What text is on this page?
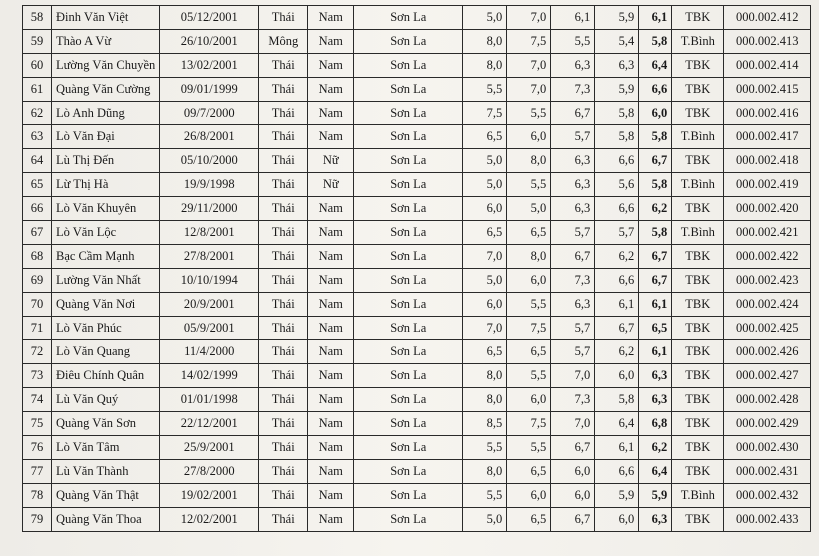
58	Đinh Văn Việt	05/12/2001	Thái	Nam	Sơn La	5,0	7,0	6,1	5,9	6,1	TBK	000.002.412
59	Thào A Vừ	26/10/2001	Mông	Nam	Sơn La	8,0	7,5	5,5	5,4	5,8	T.Bình	000.002.413
60	Lường Văn Chuyền	13/02/2001	Thái	Nam	Sơn La	8,0	7,0	6,3	6,3	6,4	TBK	000.002.414
61	Quàng Văn Cường	09/01/1999	Thái	Nam	Sơn La	5,5	7,0	7,3	5,9	6,6	TBK	000.002.415
62	Lò Anh Dũng	09/7/2000	Thái	Nam	Sơn La	7,5	5,5	6,7	5,8	6,0	TBK	000.002.416
63	Lò Văn Đại	26/8/2001	Thái	Nam	Sơn La	6,5	6,0	5,7	5,8	5,8	T.Bình	000.002.417
64	Lù Thị Đến	05/10/2000	Thái	Nữ	Sơn La	5,0	8,0	6,3	6,6	6,7	TBK	000.002.418
65	Lừ Thị Hà	19/9/1998	Thái	Nữ	Sơn La	5,0	5,5	6,3	5,6	5,8	T.Bình	000.002.419
66	Lò Văn Khuyên	29/11/2000	Thái	Nam	Sơn La	6,0	5,0	6,3	6,6	6,2	TBK	000.002.420
67	Lò Văn Lộc	12/8/2001	Thái	Nam	Sơn La	6,5	6,5	5,7	5,7	5,8	T.Bình	000.002.421
68	Bạc Cầm Mạnh	27/8/2001	Thái	Nam	Sơn La	7,0	8,0	6,7	6,2	6,7	TBK	000.002.422
69	Lường Văn Nhất	10/10/1994	Thái	Nam	Sơn La	5,0	6,0	7,3	6,6	6,7	TBK	000.002.423
70	Quàng Văn Nơi	20/9/2001	Thái	Nam	Sơn La	6,0	5,5	6,3	6,1	6,1	TBK	000.002.424
71	Lò Văn Phúc	05/9/2001	Thái	Nam	Sơn La	7,0	7,5	5,7	6,7	6,5	TBK	000.002.425
72	Lò Văn Quang	11/4/2000	Thái	Nam	Sơn La	6,5	6,5	5,7	6,2	6,1	TBK	000.002.426
73	Điêu Chính Quân	14/02/1999	Thái	Nam	Sơn La	8,0	5,5	7,0	6,0	6,3	TBK	000.002.427
74	Lù Văn Quý	01/01/1998	Thái	Nam	Sơn La	8,0	6,0	7,3	5,8	6,3	TBK	000.002.428
75	Quàng Văn Sơn	22/12/2001	Thái	Nam	Sơn La	8,5	7,5	7,0	6,4	6,8	TBK	000.002.429
76	Lò Văn Tâm	25/9/2001	Thái	Nam	Sơn La	5,5	5,5	6,7	6,1	6,2	TBK	000.002.430
77	Lù Văn Thành	27/8/2000	Thái	Nam	Sơn La	8,0	6,5	6,0	6,6	6,4	TBK	000.002.431
78	Quàng Văn Thật	19/02/2001	Thái	Nam	Sơn La	5,5	6,0	6,0	5,9	5,9	T.Bình	000.002.432
79	Quàng Văn Thoa	12/02/2001	Thái	Nam	Sơn La	5,0	6,5	6,7	6,0	6,3	TBK	000.002.433
